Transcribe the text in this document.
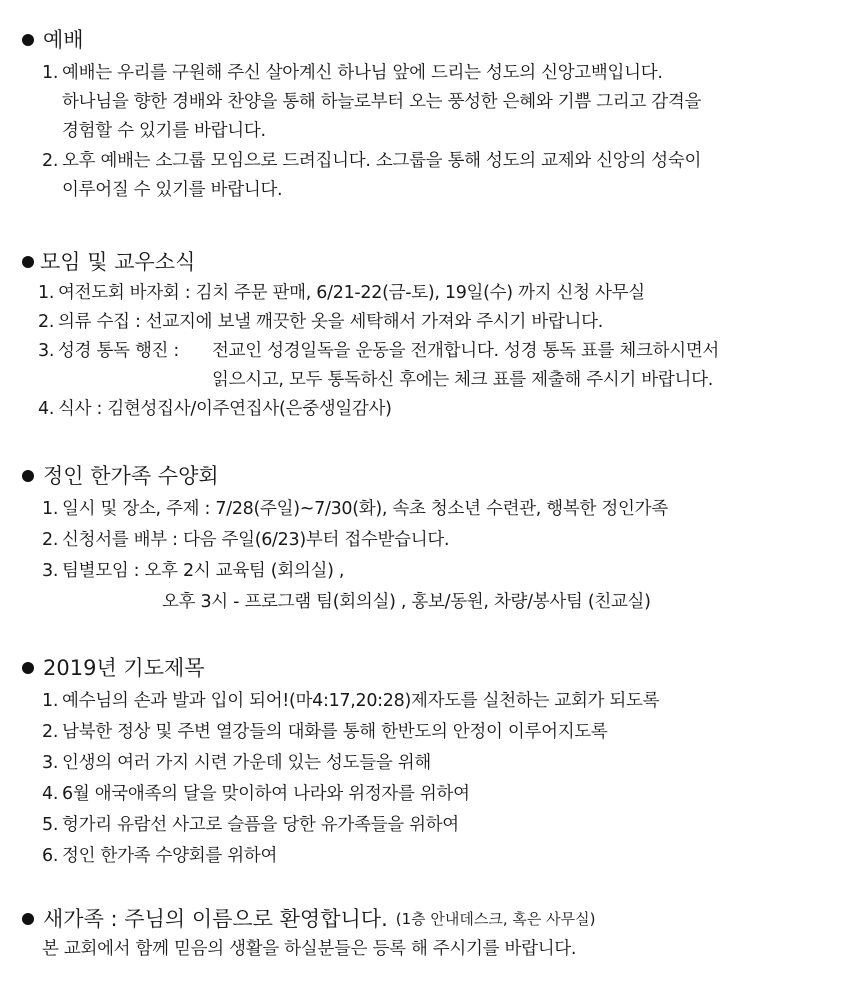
예배
1. 예배는 우리를 구원해 주신 살아계신 하나님 앞에 드리는 성도의 신앙고백입니다.
하나님을 향한 경배와 찬양을 통해 하늘로부터 오는 풍성한 은혜와 기쁨 그리고 감격을
경험할 수 있기를 바랍니다.
2. 오후 예배는 소그룹 모임으로 드려집니다. 소그룹을 통해 성도의 교제와 신앙의 성숙이
이루어질 수 있기를 바랍니다.
모임 및 교우소식
1. 여전도회 바자회 : 김치 주문 판매, 6/21-22(금-토), 19일(수) 까지 신청 사무실
2. 의류 수집 : 선교지에 보낼 깨끗한 옷을 세탁해서 가져와 주시기 바랍니다.
3. 성경 통독 행진 : 전교인 성경일독을 운동을 전개합니다. 성경 통독 표를 체크하시면서
읽으시고, 모두 통독하신 후에는 체크 표를 제출해 주시기 바랍니다.
4. 식사 : 김현성집사/이주연집사(은중생일감사)
정인 한가족 수양회
1. 일시 및 장소, 주제 : 7/28(주일)~7/30(화), 속초 청소년 수련관, 행복한 정인가족
2. 신청서를 배부 : 다음 주일(6/23)부터 접수받습니다.
3. 팀별모임 : 오후 2시 교육팀 (회의실) ,
오후 3시 - 프로그램 팀(회의실) , 홍보/동원, 차량/봉사팀 (친교실)
2019년 기도제목
1. 예수님의 손과 발과 입이 되어!(마4:17,20:28)제자도를 실천하는 교회가 되도록
2. 남북한 정상 및 주변 열강들의 대화를 통해 한반도의 안정이 이루어지도록
3. 인생의 여러 가지 시련 가운데 있는 성도들을 위해
4. 6월 애국애족의 달을 맞이하여 나라와 위정자를 위하여
5. 헝가리 유람선 사고로 슬픔을 당한 유가족들을 위하여
6. 정인 한가족 수양회를 위하여
새가족 : 주님의 이름으로 환영합니다. (1층 안내데스크, 혹은 사무실)
본 교회에서 함께 믿음의 생활을 하실분들은 등록 해 주시기를 바랍니다.
